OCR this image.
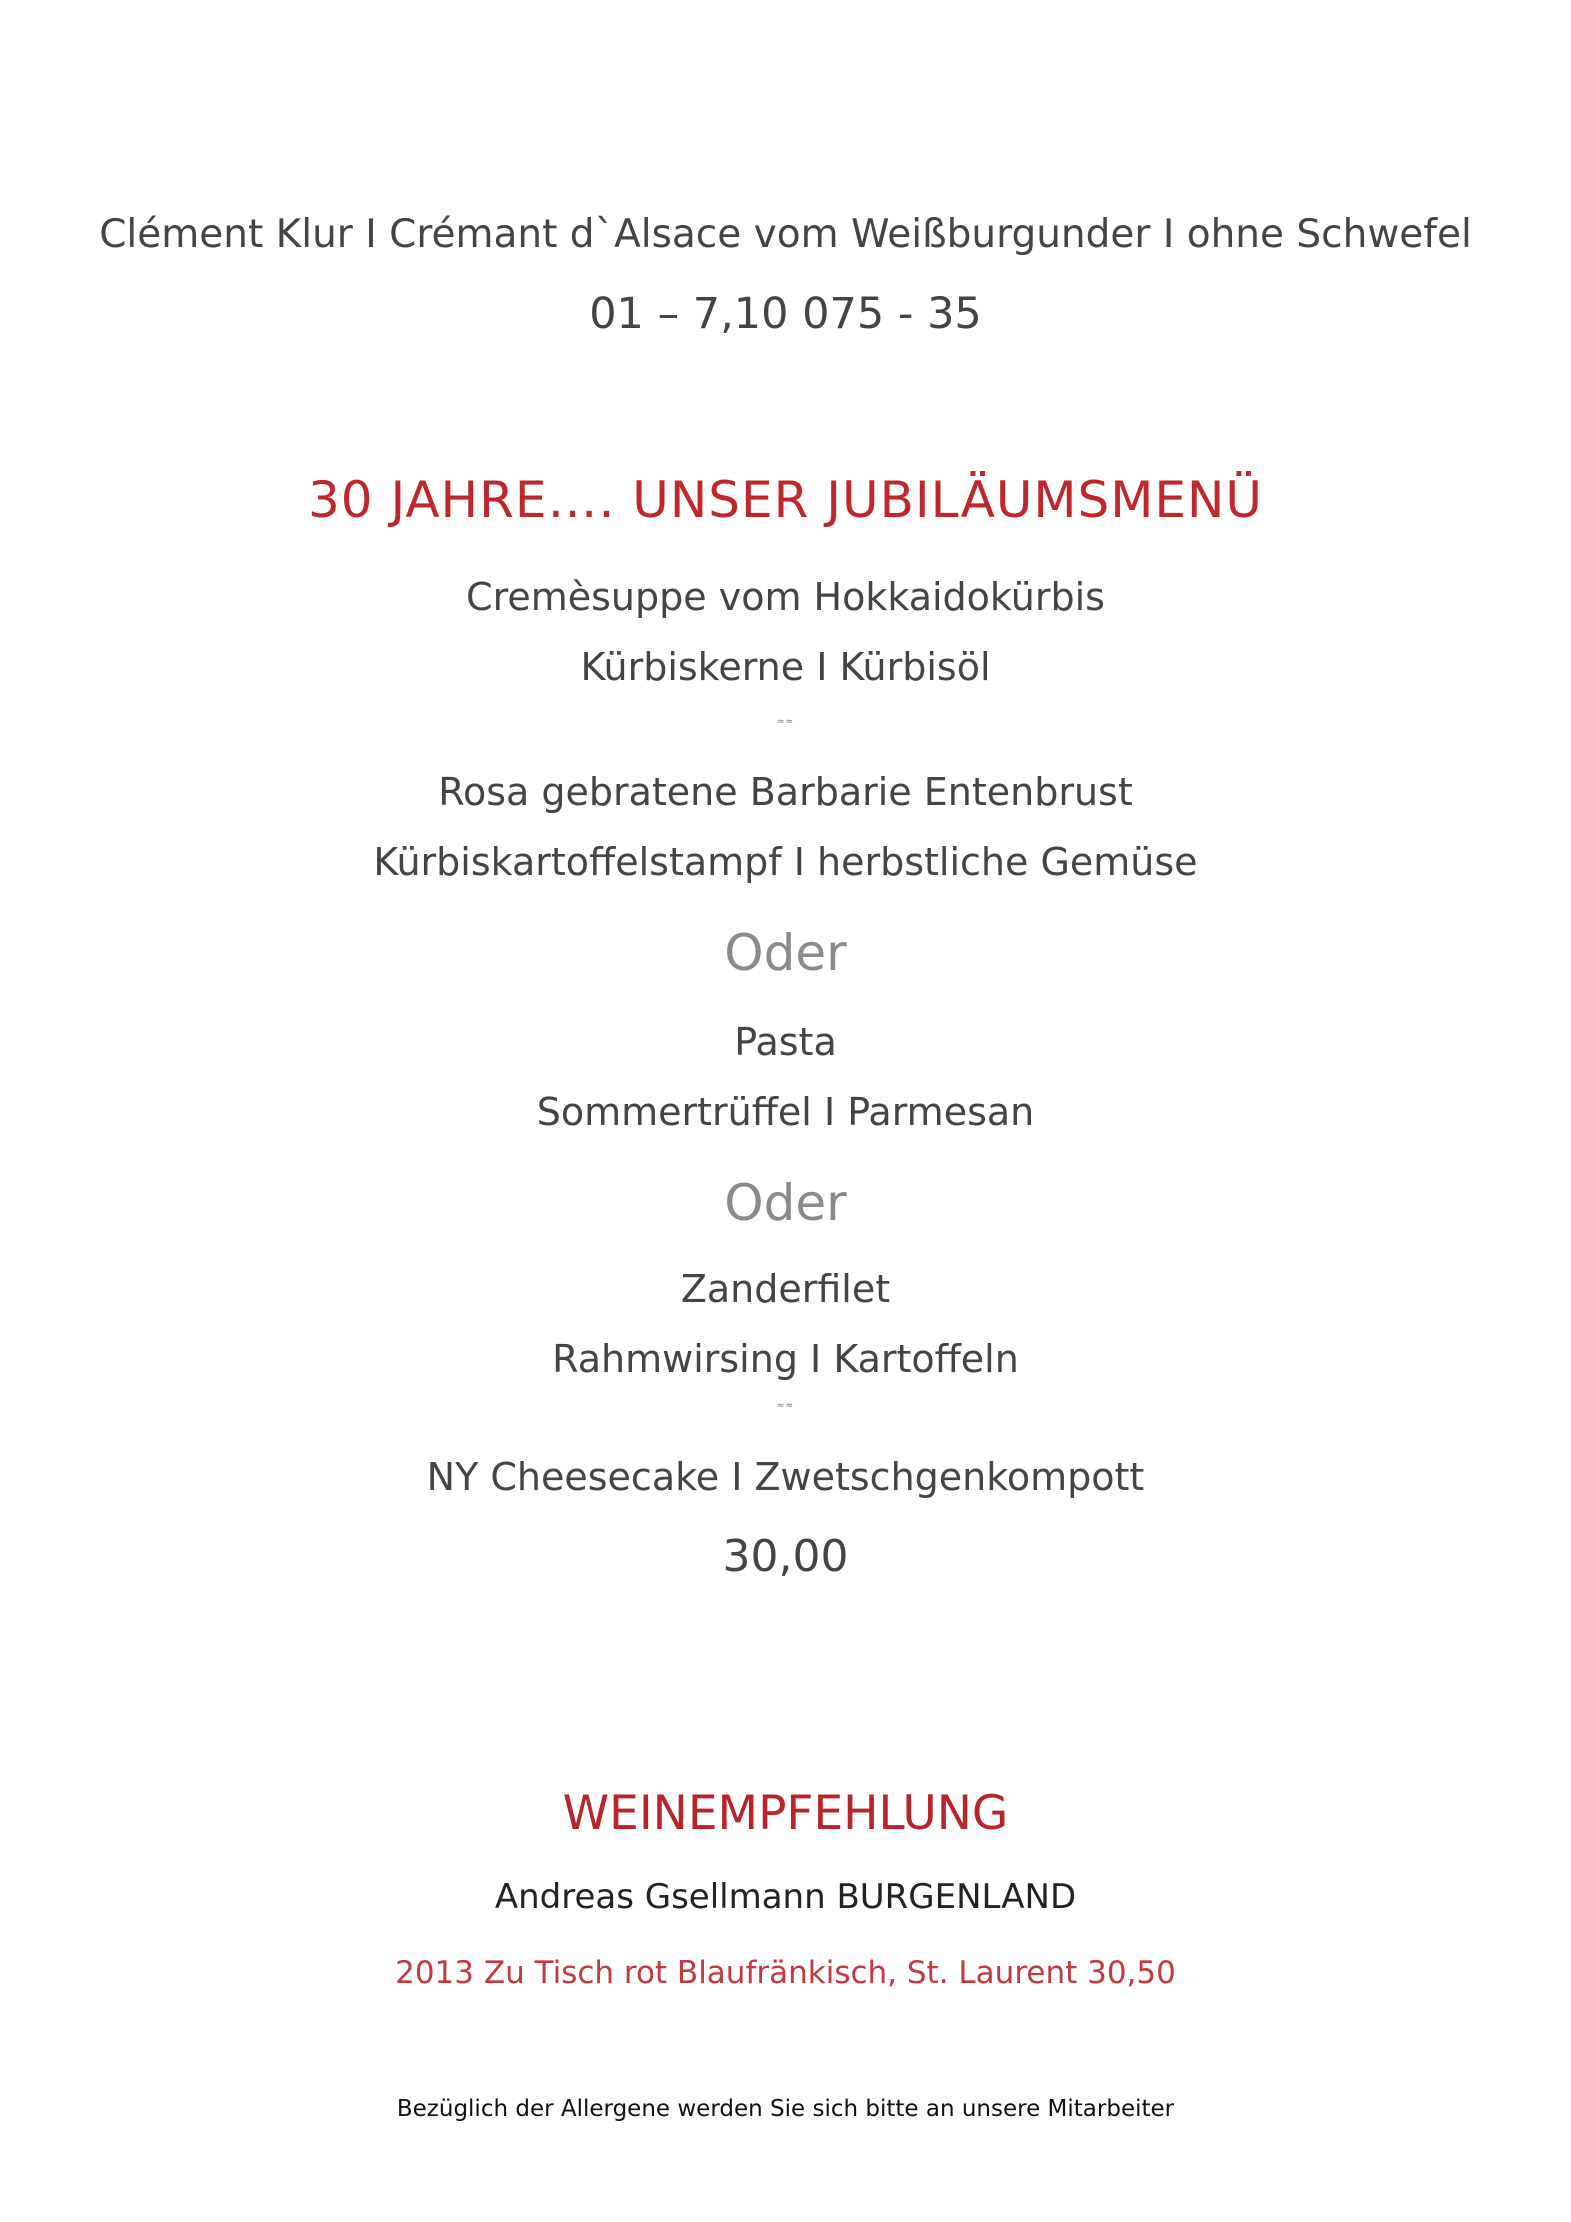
Clément Klur I Crémant d`Alsace vom Weißburgunder I ohne Schwefel
01 – 7,10 075 - 35
30 JAHRE…. UNSER JUBILÄUMSMENÜ
Cremèsuppe vom Hokkaidokürbis
Kürbiskerne I Kürbisöl
≈≈
Rosa gebratene Barbarie Entenbrust
Kürbiskartoffelstampf I herbstliche Gemüse
Oder
Pasta
Sommertrüffel I Parmesan
Oder
Zanderfilet
Rahmwirsing I Kartoffeln
≈≈
NY Cheesecake I Zwetschgenkompott
30,00
WEINEMPFEHLUNG
Andreas Gsellmann BURGENLAND
2013 Zu Tisch rot Blaufränkisch, St. Laurent 30,50
Bezüglich der Allergene werden Sie sich bitte an unsere Mitarbeiter
